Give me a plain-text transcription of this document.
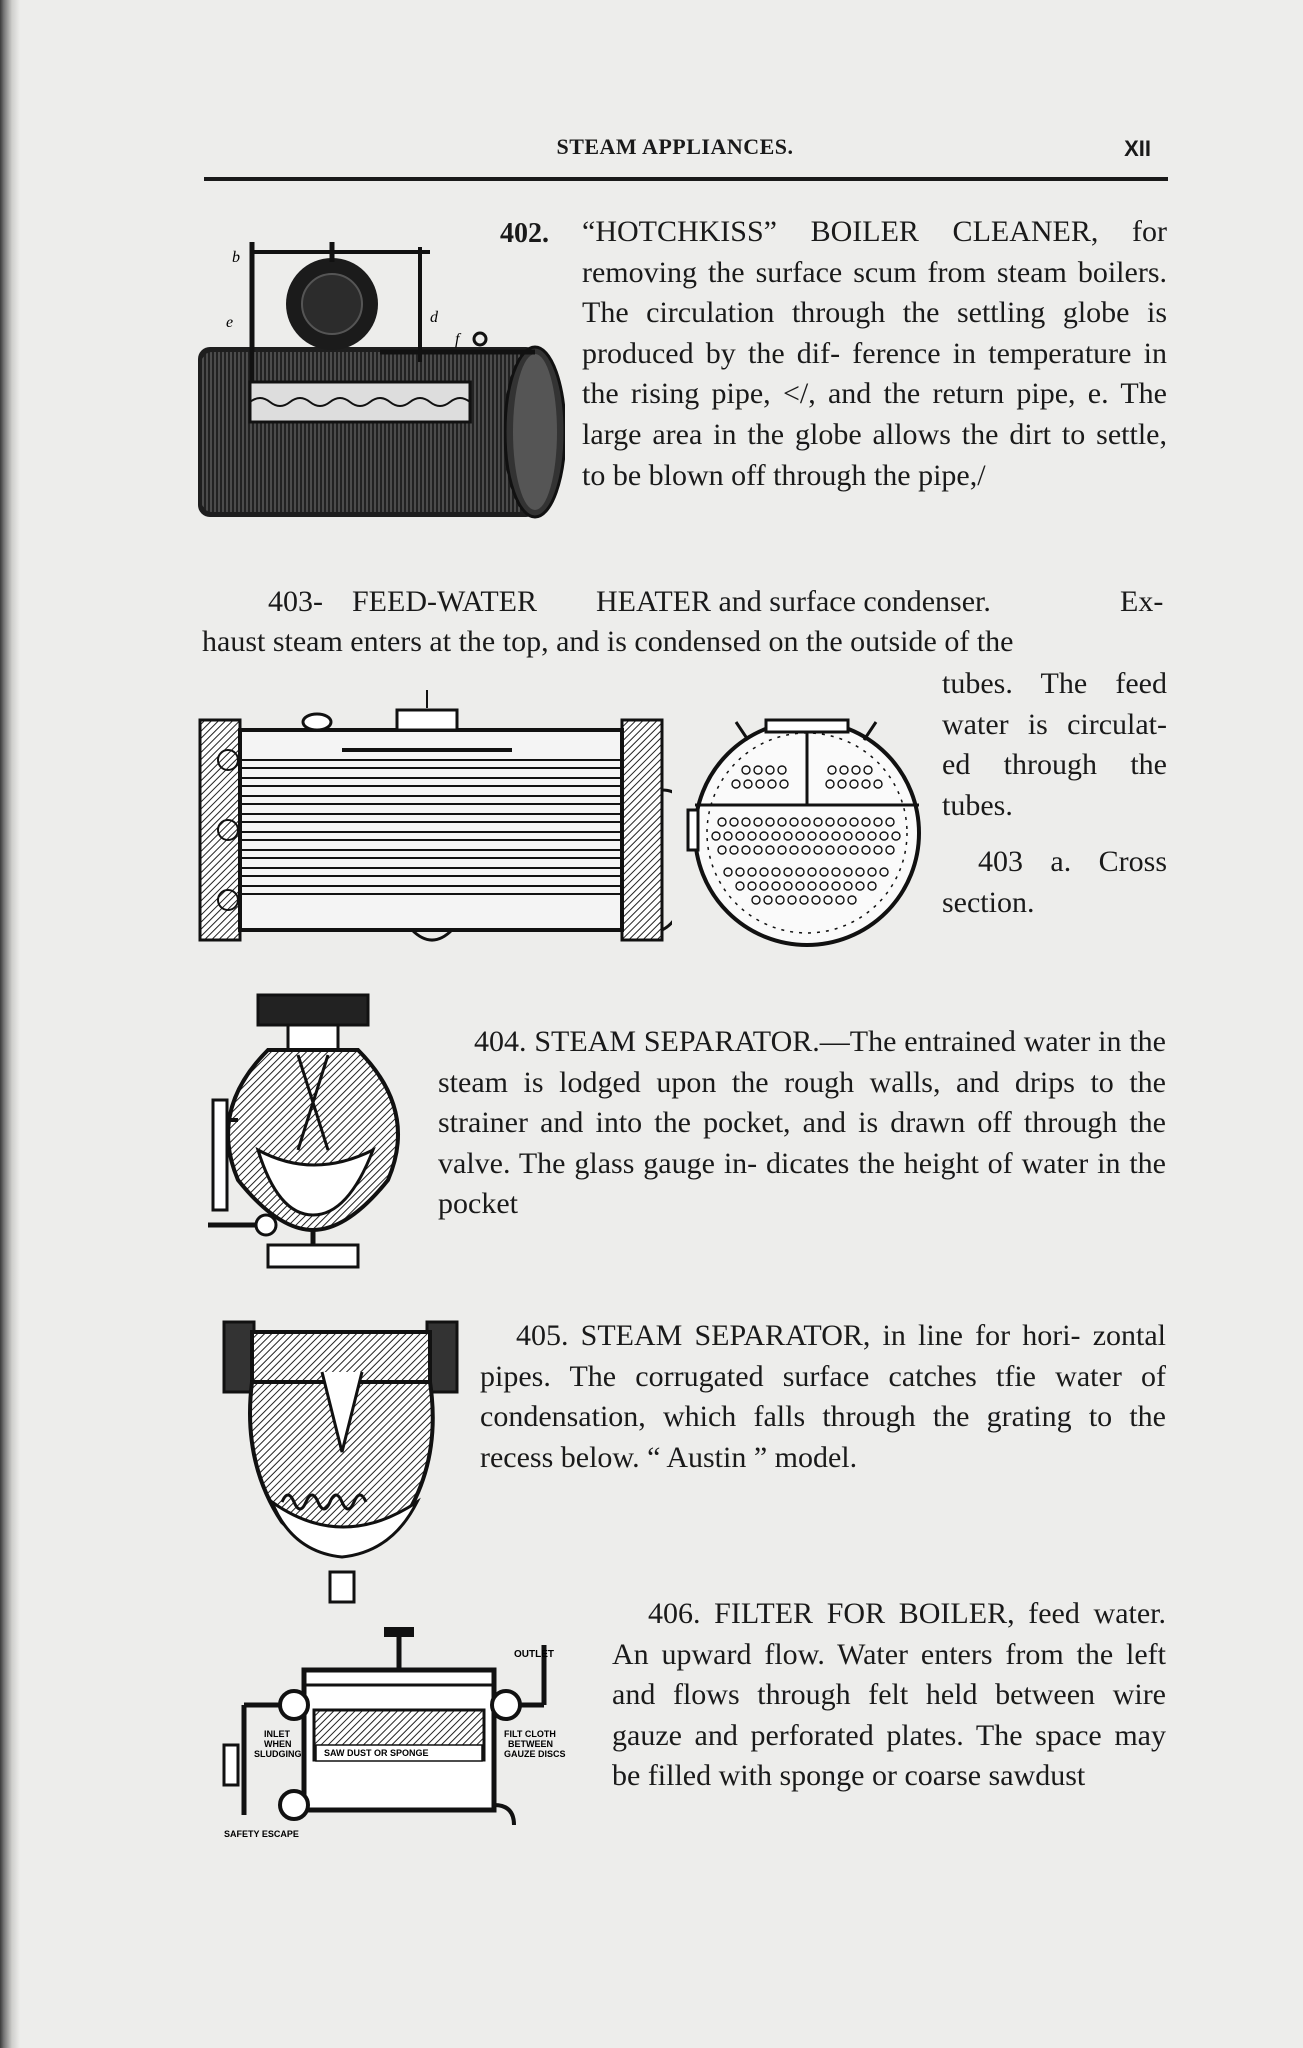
STEAM APPLIANCES.	XII
b
e	d
f
402. “HOTCHKISS” BOILER CLEANER, for removing the surface scum from steam boilers. The circulation through the settling globe is produced by the dif- ference in temperature in the rising pipe, </, and the return pipe, e. The large area in the globe allows the dirt to settle, to be blown off through the pipe,/

403- FEED-WATER HEATER and surface condenser.	Ex-
haust steam enters at the top, and is condensed on the outside of the

tubes. The feed water is circulat- ed through the tubes.

403 a. Cross section.

404. STEAM SEPARATOR.—The entrained water in the steam is lodged upon the rough walls, and drips to the strainer and into the pocket, and is drawn off through the valve. The glass gauge in- dicates the height of water in the pocket

405. STEAM SEPARATOR, in line for hori- zontal pipes. The corrugated surface catches tfie water of condensation, which falls through the grating to the recess below. “ Austin ” model.

OUTLET
INLET
WHEN
SLUDGING
FILT CLOTH
BETWEEN
GAUZE DISCS
SAW DUST OR SPONGE
SAFETY ESCAPE

406. FILTER FOR BOILER, feed water. An upward flow. Water enters from the left and flows through felt held between wire gauze and perforated plates. The space may be filled with sponge or coarse sawdust
